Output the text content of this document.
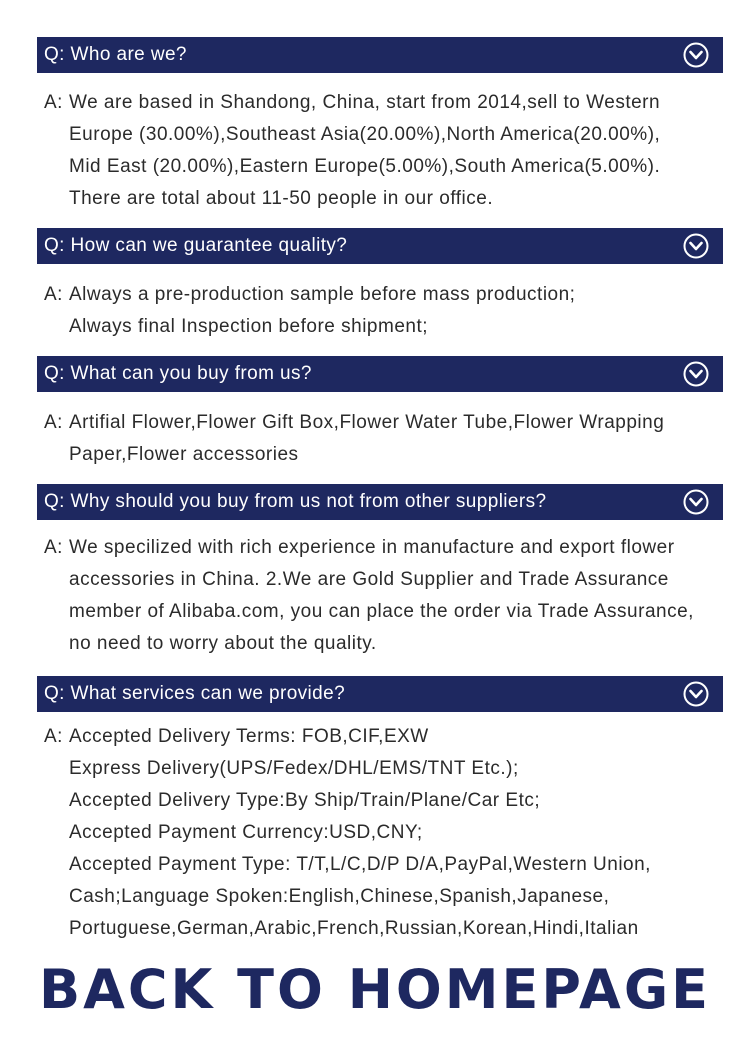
Q: Who are we?
A: We are based in Shandong, China, start from 2014,sell to Western
Europe (30.00%),Southeast Asia(20.00%),North America(20.00%),
Mid East (20.00%),Eastern Europe(5.00%),South America(5.00%).
There are total about 11-50 people in our office.
Q: How can we guarantee quality?
A: Always a pre-production sample before mass production;
Always final Inspection before shipment;
Q: What can you buy from us?
A: Artifial Flower,Flower Gift Box,Flower Water Tube,Flower Wrapping
Paper,Flower accessories
Q: Why should you buy from us not from other suppliers?
A: We specilized with rich experience in manufacture and export flower
accessories in China. 2.We are Gold Supplier and Trade Assurance
member of Alibaba.com, you can place the order via Trade Assurance,
no need to worry about the quality.
Q: What services can we provide?
A: Accepted Delivery Terms: FOB,CIF,EXW
Express Delivery(UPS/Fedex/DHL/EMS/TNT Etc.);
Accepted Delivery Type:By Ship/Train/Plane/Car Etc;
Accepted Payment Currency:USD,CNY;
Accepted Payment Type: T/T,L/C,D/P D/A,PayPal,Western Union,
Cash;Language Spoken:English,Chinese,Spanish,Japanese,
Portuguese,German,Arabic,French,Russian,Korean,Hindi,Italian
BACK TO HOMEPAGE
